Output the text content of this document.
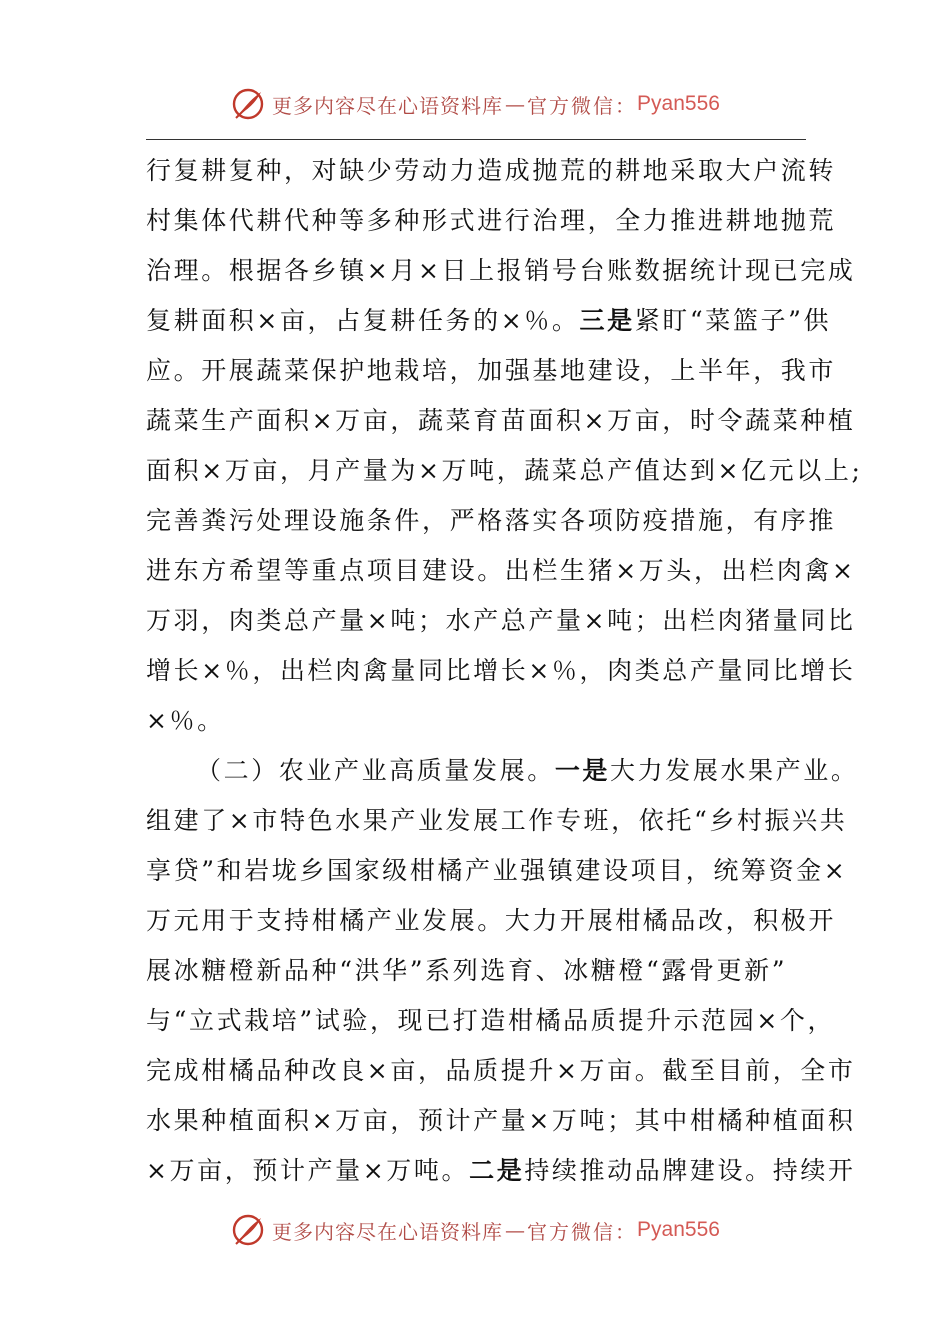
更多内容尽在心语资料库 — 官方微信： Pyan556
行复耕复种，对缺少劳动力造成抛荒的耕地采取大户流转
村集体代耕代种等多种形式进行治理，全力推进耕地抛荒
治理。根据各乡镇×月×日上报销号台账数据统计现已完成
复耕面积×亩，占复耕任务的×％。三是紧盯“菜篮子”供
应。开展蔬菜保护地栽培，加强基地建设，上半年，我市
蔬菜生产面积×万亩，蔬菜育苗面积×万亩，时令蔬菜种植
面积×万亩，月产量为×万吨，蔬菜总产值达到×亿元以上;
完善粪污处理设施条件，严格落实各项防疫措施，有序推
进东方希望等重点项目建设。出栏生猪×万头，出栏肉禽×
万羽，肉类总产量×吨；水产总产量×吨；出栏肉猪量同比
增长×％，出栏肉禽量同比增长×％，肉类总产量同比增长
×％。
（二）农业产业高质量发展。一是大力发展水果产业。
组建了×市特色水果产业发展工作专班，依托“乡村振兴共
享贷”和岩垅乡国家级柑橘产业强镇建设项目，统筹资金×
万元用于支持柑橘产业发展。大力开展柑橘品改，积极开
展冰糖橙新品种“洪华”系列选育、冰糖橙“露骨更新”
与“立式栽培”试验，现已打造柑橘品质提升示范园×个，
完成柑橘品种改良×亩，品质提升×万亩。截至目前，全市
水果种植面积×万亩，预计产量×万吨；其中柑橘种植面积
×万亩，预计产量×万吨。二是持续推动品牌建设。持续开
更多内容尽在心语资料库 — 官方微信： Pyan556
